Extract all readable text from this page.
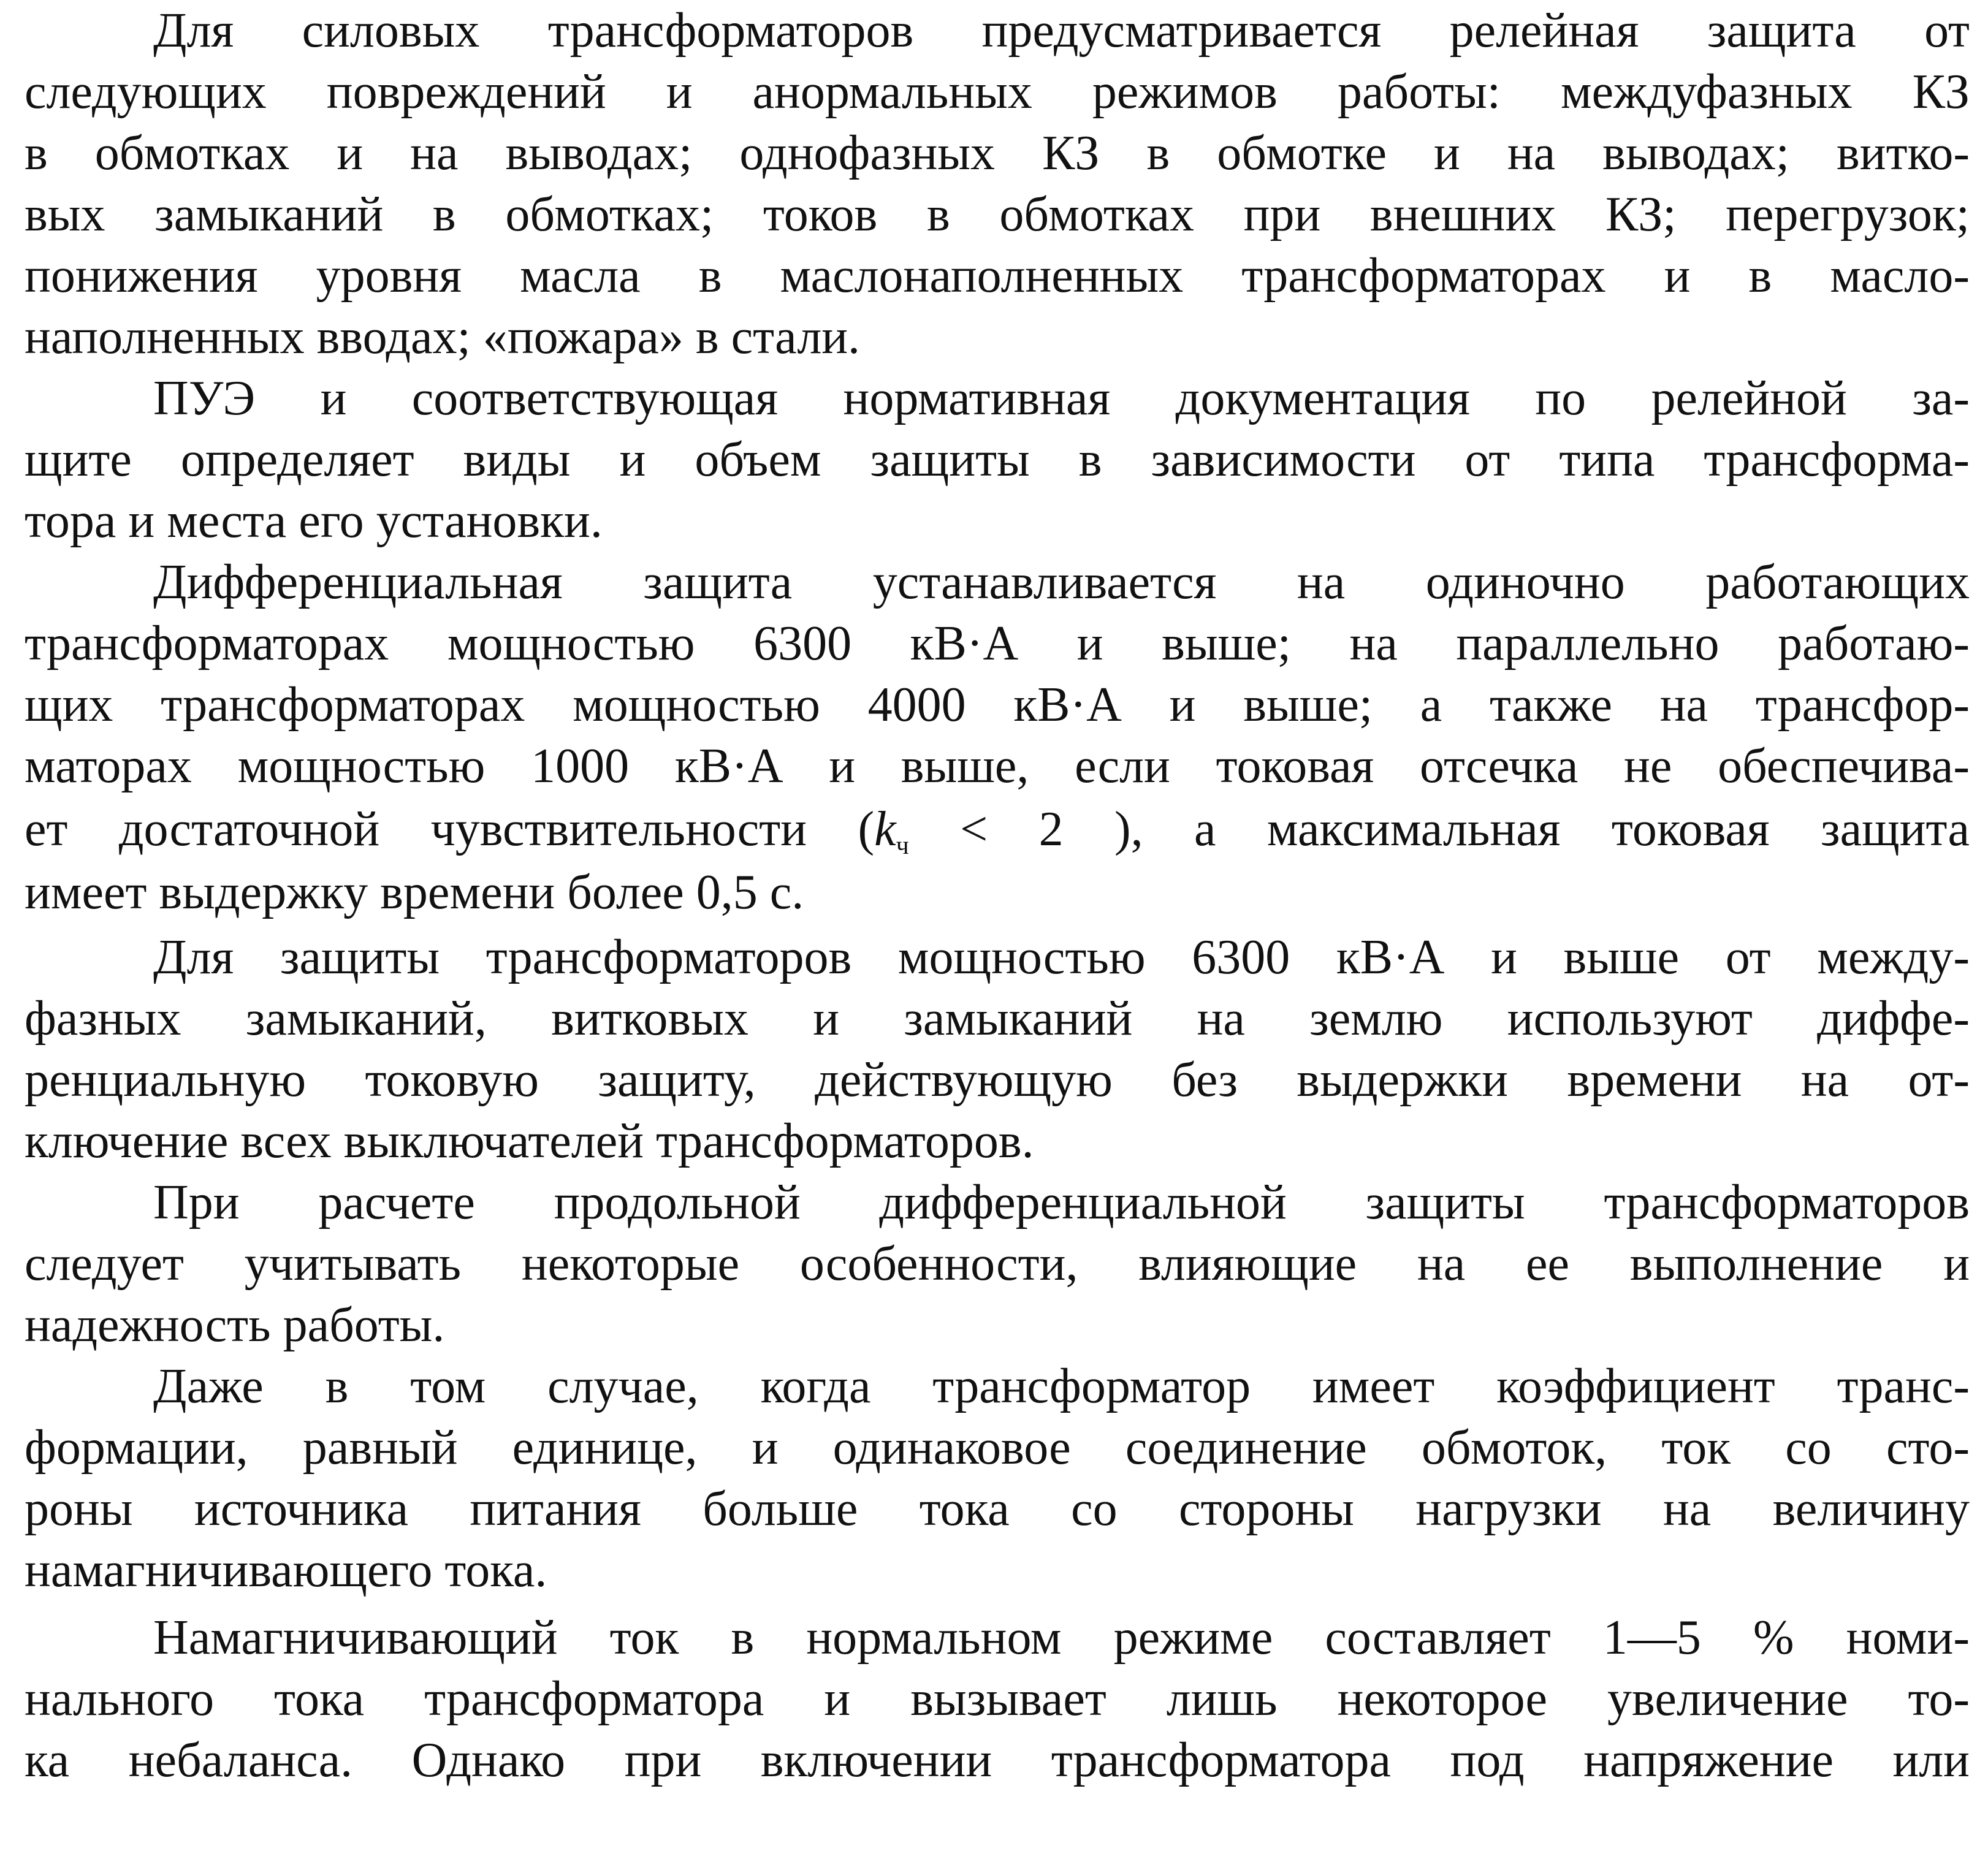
Для силовых трансформаторов предусматривается релейная защита от
следующих повреждений и анормальных режимов работы: междуфазных КЗ
в обмотках и на выводах; однофазных КЗ в обмотке и на выводах; витко-
вых замыканий в обмотках; токов в обмотках при внешних КЗ; перегрузок;
понижения уровня масла в маслонаполненных трансформаторах и в масло-
наполненных вводах; «пожара» в стали.
ПУЭ и соответствующая нормативная документация по релейной за-
щите определяет виды и объем защиты в зависимости от типа трансформа-
тора и места его установки.
Дифференциальная защита устанавливается на одиночно работающих
трансформаторах мощностью 6300 кВ·А и выше; на параллельно работаю-
щих трансформаторах мощностью 4000 кВ·А и выше; а также на трансфор-
маторах мощностью 1000 кВ·А и выше, если токовая отсечка не обеспечива-
ет достаточной чувствительности ($k_ч < 2$ ), а максимальная токовая защита
имеет выдержку времени более 0,5 с.
Для защиты трансформаторов мощностью 6300 кВ·А и выше от между-
фазных замыканий, витковых и замыканий на землю используют диффе-
ренциальную токовую защиту, действующую без выдержки времени на от-
ключение всех выключателей трансформаторов.
При расчете продольной дифференциальной защиты трансформаторов
следует учитывать некоторые особенности, влияющие на ее выполнение и
надежность работы.
Даже в том случае, когда трансформатор имеет коэффициент транс-
формации, равный единице, и одинаковое соединение обмоток, ток со сто-
роны источника питания больше тока со стороны нагрузки на величину
намагничивающего тока.
Намагничивающий ток в нормальном режиме составляет 1—5 % номи-
нального тока трансформатора и вызывает лишь некоторое увеличение то-
ка небаланса. Однако при включении трансформатора под напряжение или
